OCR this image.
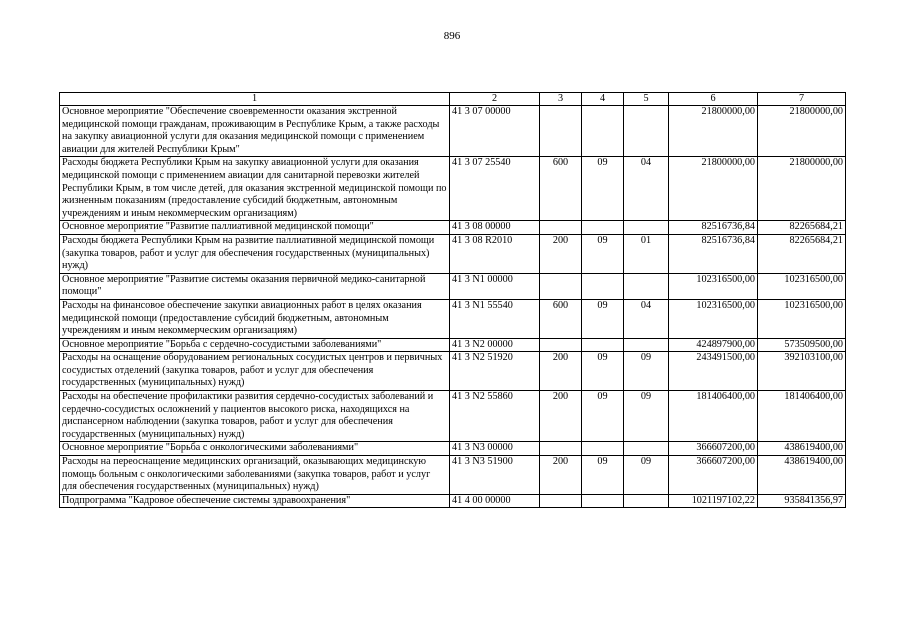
896
1	2	3	4	5	6	7
Основное мероприятие "Обеспечение своевременности оказания экстренной медицинской помощи гражданам, проживающим в Республике Крым, а также расходы на закупку авиационной услуги для оказания медицинской помощи с применением авиации для жителей Республики Крым"	41 3 07 00000				21800000,00	21800000,00
Расходы бюджета Республики Крым на закупку авиационной услуги для оказания медицинской помощи с применением авиации для санитарной перевозки жителей Республики Крым, в том числе детей, для оказания экстренной медицинской помощи по жизненным показаниям (предоставление субсидий бюджетным, автономным учреждениям и иным некоммерческим организациям)	41 3 07 25540	600	09	04	21800000,00	21800000,00
Основное мероприятие "Развитие паллиативной медицинской помощи"	41 3 08 00000				82516736,84	82265684,21
Расходы бюджета Республики Крым на развитие паллиативной медицинской помощи (закупка товаров, работ и услуг для обеспечения государственных (муниципальных) нужд)	41 3 08 R2010	200	09	01	82516736,84	82265684,21
Основное мероприятие "Развитие системы оказания первичной медико-санитарной помощи"	41 3 N1 00000				102316500,00	102316500,00
Расходы на финансовое обеспечение закупки авиационных работ в целях оказания медицинской помощи (предоставление субсидий бюджетным, автономным учреждениям и иным некоммерческим организациям)	41 3 N1 55540	600	09	04	102316500,00	102316500,00
Основное мероприятие "Борьба с сердечно-сосудистыми заболеваниями"	41 3 N2 00000				424897900,00	573509500,00
Расходы на оснащение оборудованием региональных сосудистых центров и первичных сосудистых отделений (закупка товаров, работ и услуг для обеспечения государственных (муниципальных) нужд)	41 3 N2 51920	200	09	09	243491500,00	392103100,00
Расходы на обеспечение профилактики развития сердечно-сосудистых заболеваний и сердечно-сосудистых осложнений у пациентов высокого риска, находящихся на диспансерном наблюдении (закупка товаров, работ и услуг для обеспечения государственных (муниципальных) нужд)	41 3 N2 55860	200	09	09	181406400,00	181406400,00
Основное мероприятие "Борьба с онкологическими заболеваниями"	41 3 N3 00000				366607200,00	438619400,00
Расходы на переоснащение медицинских организаций, оказывающих медицинскую помощь больным с онкологическими заболеваниями (закупка товаров, работ и услуг для обеспечения государственных (муниципальных) нужд)	41 3 N3 51900	200	09	09	366607200,00	438619400,00
Подпрограмма "Кадровое обеспечение системы здравоохранения"	41 4 00 00000				1021197102,22	935841356,97
